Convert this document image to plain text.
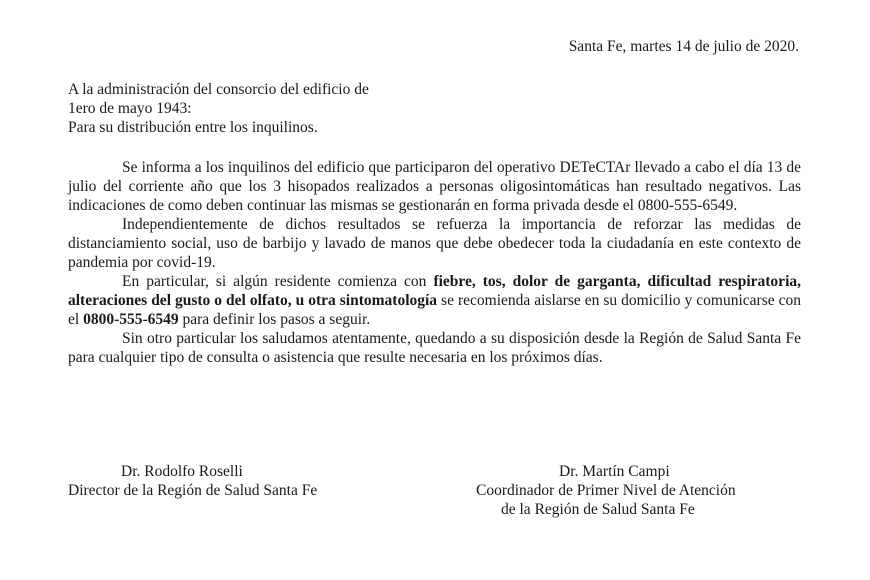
Santa Fe, martes 14 de julio de 2020.
A la administración del consorcio del edificio de
1ero de mayo 1943:
Para su distribución entre los inquilinos.

Se informa a los inquilinos del edificio que participaron del operativo DETeCTAr llevado a cabo el día 13 de julio del corriente año que los 3 hisopados realizados a personas oligosintomáticas han resultado negativos. Las indicaciones de como deben continuar las mismas se gestionarán en forma privada desde el 0800-555-6549.

Independientemente de dichos resultados se refuerza la importancia de reforzar las medidas de distanciamiento social, uso de barbijo y lavado de manos que debe obedecer toda la ciudadanía en este contexto de pandemia por covid-19.

En particular, si algún residente comienza con fiebre, tos, dolor de garganta, dificultad respiratoria, alteraciones del gusto o del olfato, u otra sintomatología se recomienda aislarse en su domicilio y comunicarse con el 0800-555-6549 para definir los pasos a seguir.

Sin otro particular los saludamos atentamente, quedando a su disposición desde la Región de Salud Santa Fe para cualquier tipo de consulta o asistencia que resulte necesaria en los próximos días.

Dr. Rodolfo Roselli
Director de la Región de Salud Santa Fe
Dr. Martín Campi
Coordinador de Primer Nivel de Atención
de la Región de Salud Santa Fe
